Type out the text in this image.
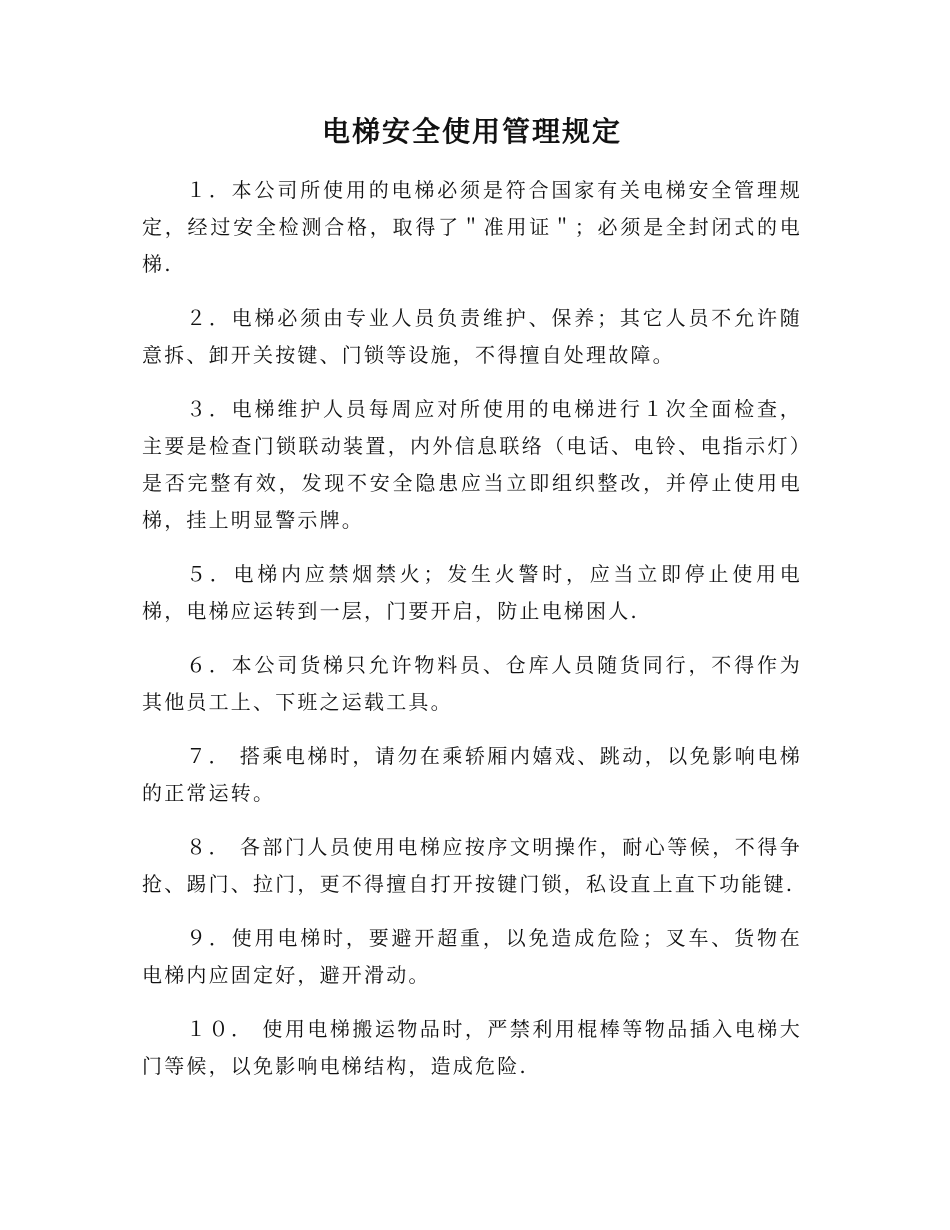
电梯安全使用管理规定

１．本公司所使用的电梯必须是符合国家有关电梯安全管理规定，经过安全检测合格，取得了＂准用证＂；必须是全封闭式的电梯.

２．电梯必须由专业人员负责维护、保养；其它人员不允许随意拆、卸开关按键、门锁等设施，不得擅自处理故障。

３．电梯维护人员每周应对所使用的电梯进行１次全面检查，主要是检查门锁联动装置，内外信息联络（电话、电铃、电指示灯）是否完整有效，发现不安全隐患应当立即组织整改，并停止使用电梯，挂上明显警示牌。

５．电梯内应禁烟禁火；发生火警时，应当立即停止使用电梯，电梯应运转到一层，门要开启，防止电梯困人.

６．本公司货梯只允许物料员、仓库人员随货同行，不得作为其他员工上、下班之运载工具。

７． 搭乘电梯时，请勿在乘轿厢内嬉戏、跳动，以免影响电梯的正常运转。

８． 各部门人员使用电梯应按序文明操作，耐心等候，不得争抢、踢门、拉门，更不得擅自打开按键门锁，私设直上直下功能键.

９．使用电梯时，要避开超重，以免造成危险；叉车、货物在电梯内应固定好，避开滑动。

１０． 使用电梯搬运物品时，严禁利用棍棒等物品插入电梯大门等候，以免影响电梯结构，造成危险.
